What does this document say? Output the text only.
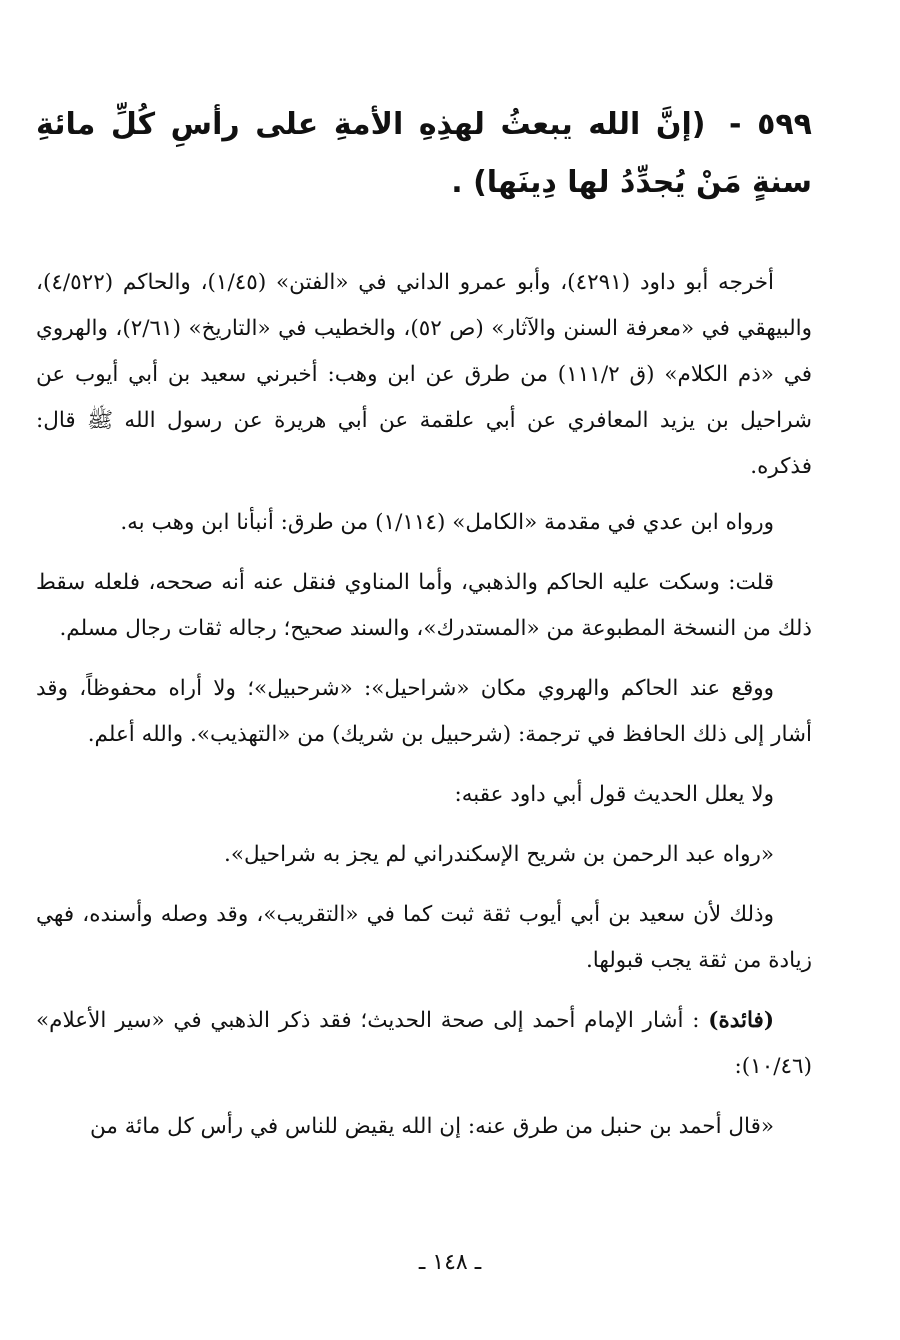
٥٩٩ - (إنَّ الله يبعثُ لهذِهِ الأمةِ على رأسِ كُلِّ مائةِ سنةٍ مَنْ يُجدِّدُ لها دِينَها) .

أخرجه أبو داود (٤٢٩١)، وأبو عمرو الداني في «الفتن» (١/٤٥)، والحاكم (٤/٥٢٢)، والبيهقي في «معرفة السنن والآثار» (ص ٥٢)، والخطيب في «التاريخ» (٢/٦١)، والهروي في «ذم الكلام» (ق ١١١/٢) من طرق عن ابن وهب: أخبرني سعيد بن أبي أيوب عن شراحيل بن يزيد المعافري عن أبي علقمة عن أبي هريرة عن رسول الله ﷺ قال: فذكره.

ورواه ابن عدي في مقدمة «الكامل» (١/١١٤) من طرق: أنبأنا ابن وهب به.

قلت: وسكت عليه الحاكم والذهبي، وأما المناوي فنقل عنه أنه صححه، فلعله سقط ذلك من النسخة المطبوعة من «المستدرك»، والسند صحيح؛ رجاله ثقات رجال مسلم.

ووقع عند الحاكم والهروي مكان «شراحيل»: «شرحبيل»؛ ولا أراه محفوظاً، وقد أشار إلى ذلك الحافظ في ترجمة: (شرحبيل بن شريك) من «التهذيب». والله أعلم.

ولا يعلل الحديث قول أبي داود عقبه:

«رواه عبد الرحمن بن شريح الإسكندراني لم يجز به شراحيل».

وذلك لأن سعيد بن أبي أيوب ثقة ثبت كما في «التقريب»، وقد وصله وأسنده، فهي زيادة من ثقة يجب قبولها.

(فائدة) : أشار الإمام أحمد إلى صحة الحديث؛ فقد ذكر الذهبي في «سير الأعلام» (١٠/٤٦):

«قال أحمد بن حنبل من طرق عنه: إن الله يقيض للناس في رأس كل مائة من

ـ ١٤٨ ـ
